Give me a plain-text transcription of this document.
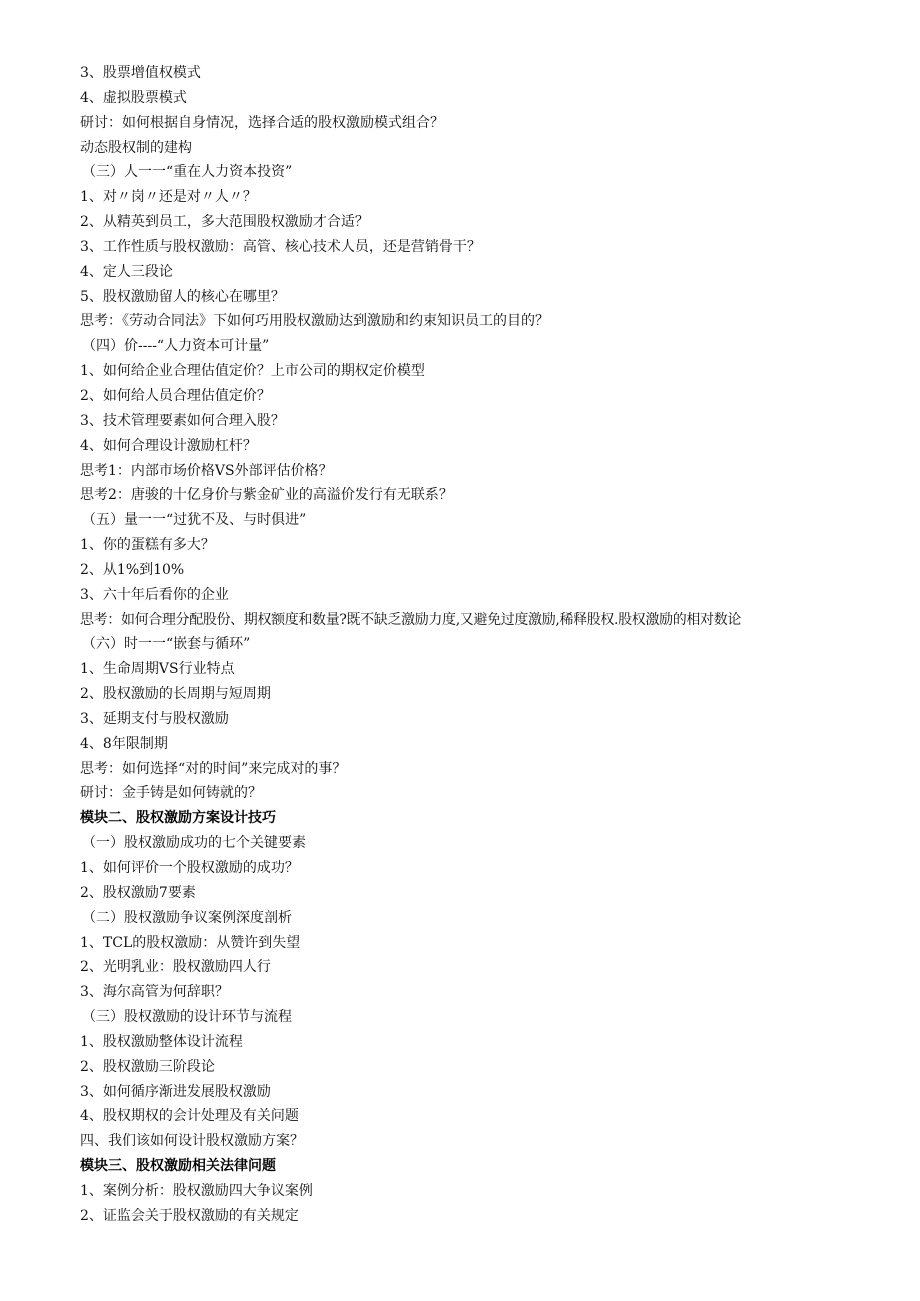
3、股票增值权模式
4、虚拟股票模式
研讨：如何根据自身情况，选择合适的股权激励模式组合？
动态股权制的建构
（三）人一一“重在人力资本投资”
1、对〃岗〃还是对〃人〃？
2、从精英到员工，多大范围股权激励才合适？
3、工作性质与股权激励：高管、核心技术人员，还是营销骨干？
4、定人三段论
5、股权激励留人的核心在哪里？
思考：《劳动合同法》下如何巧用股权激励达到激励和约束知识员工的目的？
（四）价----“人力资本可计量”
1、如何给企业合理估值定价？上市公司的期权定价模型
2、如何给人员合理估值定价？
3、技术管理要素如何合理入股？
4、如何合理设计激励杠杆？
思考1：内部市场价格VS外部评估价格？
思考2：唐骏的十亿身价与紫金矿业的高溢价发行有无联系？
（五）量一一“过犹不及、与时俱进”
1、你的蛋糕有多大？
2、从1%到10%
3、六十年后看你的企业
思考：如何合理分配股份、期权额度和数量?既不缺乏激励力度,又避免过度激励,稀释股权.股权激励的相对数论
（六）时一一“嵌套与循环”
1、生命周期VS行业特点
2、股权激励的长周期与短周期
3、延期支付与股权激励
4、8年限制期
思考：如何选择“对的时间”来完成对的事？
研讨：金手铸是如何铸就的？
模块二、股权激励方案设计技巧
（一）股权激励成功的七个关键要素
1、如何评价一个股权激励的成功？
2、股权激励7要素
（二）股权激励争议案例深度剖析
1、TCL的股权激励：从赞许到失望
2、光明乳业：股权激励四人行
3、海尔高管为何辞职？
（三）股权激励的设计环节与流程
1、股权激励整体设计流程
2、股权激励三阶段论
3、如何循序渐进发展股权激励
4、股权期权的会计处理及有关问题
四、我们该如何设计股权激励方案？
模块三、股权激励相关法律问题
1、案例分析：股权激励四大争议案例
2、证监会关于股权激励的有关规定
